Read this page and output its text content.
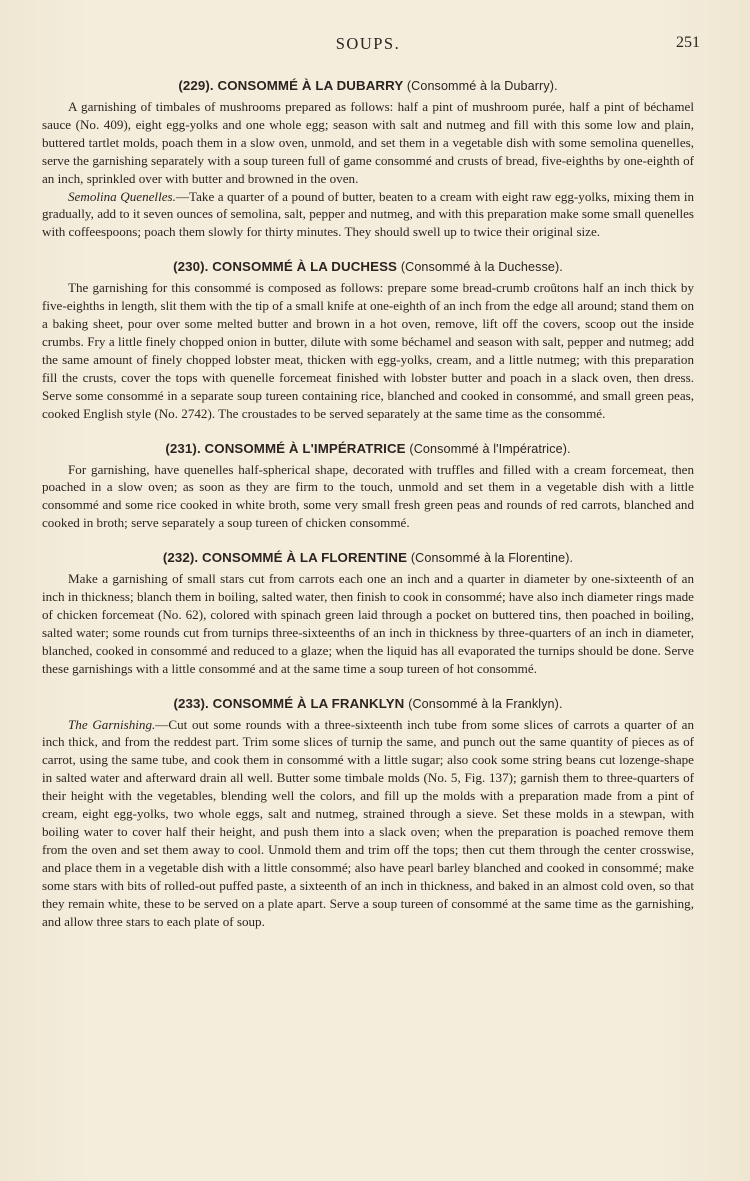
SOUPS.	251
(229). CONSOMMÉ À LA DUBARRY (Consommé à la Dubarry).

A garnishing of timbales of mushrooms prepared as follows: half a pint of mushroom purée, half a pint of béchamel sauce (No. 409), eight egg-yolks and one whole egg; season with salt and nutmeg and fill with this some low and plain, buttered tartlet molds, poach them in a slow oven, unmold, and set them in a vegetable dish with some semolina quenelles, serve the garnishing separately with a soup tureen full of game consommé and crusts of bread, five-eighths by one-eighth of an inch, sprinkled over with butter and browned in the oven.

Semolina Quenelles.—Take a quarter of a pound of butter, beaten to a cream with eight raw egg-yolks, mixing them in gradually, add to it seven ounces of semolina, salt, pepper and nutmeg, and with this preparation make some small quenelles with coffeespoons; poach them slowly for thirty minutes. They should swell up to twice their original size.

(230). CONSOMMÉ À LA DUCHESS (Consommé à la Duchesse).

The garnishing for this consommé is composed as follows: prepare some bread-crumb croûtons half an inch thick by five-eighths in length, slit them with the tip of a small knife at one-eighth of an inch from the edge all around; stand them on a baking sheet, pour over some melted butter and brown in a hot oven, remove, lift off the covers, scoop out the inside crumbs. Fry a little finely chopped onion in butter, dilute with some béchamel and season with salt, pepper and nutmeg; add the same amount of finely chopped lobster meat, thicken with egg-yolks, cream, and a little nutmeg; with this preparation fill the crusts, cover the tops with quenelle forcemeat finished with lobster butter and poach in a slack oven, then dress. Serve some consommé in a separate soup tureen containing rice, blanched and cooked in consommé, and small green peas, cooked English style (No. 2742). The croustades to be served separately at the same time as the consommé.

(231). CONSOMMÉ À L'IMPÉRATRICE (Consommé à l'Impératrice).

For garnishing, have quenelles half-spherical shape, decorated with truffles and filled with a cream forcemeat, then poached in a slow oven; as soon as they are firm to the touch, unmold and set them in a vegetable dish with a little consommé and some rice cooked in white broth, some very small fresh green peas and rounds of red carrots, blanched and cooked in broth; serve separately a soup tureen of chicken consommé.

(232). CONSOMMÉ À LA FLORENTINE (Consommé à la Florentine).

Make a garnishing of small stars cut from carrots each one an inch and a quarter in diameter by one-sixteenth of an inch in thickness; blanch them in boiling, salted water, then finish to cook in consommé; have also inch diameter rings made of chicken forcemeat (No. 62), colored with spinach green laid through a pocket on buttered tins, then poached in boiling, salted water; some rounds cut from turnips three-sixteenths of an inch in thickness by three-quarters of an inch in diameter, blanched, cooked in consommé and reduced to a glaze; when the liquid has all evaporated the turnips should be done. Serve these garnishings with a little consommé and at the same time a soup tureen of hot consommé.

(233). CONSOMMÉ À LA FRANKLYN (Consommé à la Franklyn).

The Garnishing.—Cut out some rounds with a three-sixteenth inch tube from some slices of carrots a quarter of an inch thick, and from the reddest part. Trim some slices of turnip the same, and punch out the same quantity of pieces as of carrot, using the same tube, and cook them in consommé with a little sugar; also cook some string beans cut lozenge-shape in salted water and afterward drain all well. Butter some timbale molds (No. 5, Fig. 137); garnish them to three-quarters of their height with the vegetables, blending well the colors, and fill up the molds with a preparation made from a pint of cream, eight egg-yolks, two whole eggs, salt and nutmeg, strained through a sieve. Set these molds in a stewpan, with boiling water to cover half their height, and push them into a slack oven; when the preparation is poached remove them from the oven and set them away to cool. Unmold them and trim off the tops; then cut them through the center crosswise, and place them in a vegetable dish with a little consommé; also have pearl barley blanched and cooked in consommé; make some stars with bits of rolled-out puffed paste, a sixteenth of an inch in thickness, and baked in an almost cold oven, so that they remain white, these to be served on a plate apart. Serve a soup tureen of consommé at the same time as the garnishing, and allow three stars to each plate of soup.
